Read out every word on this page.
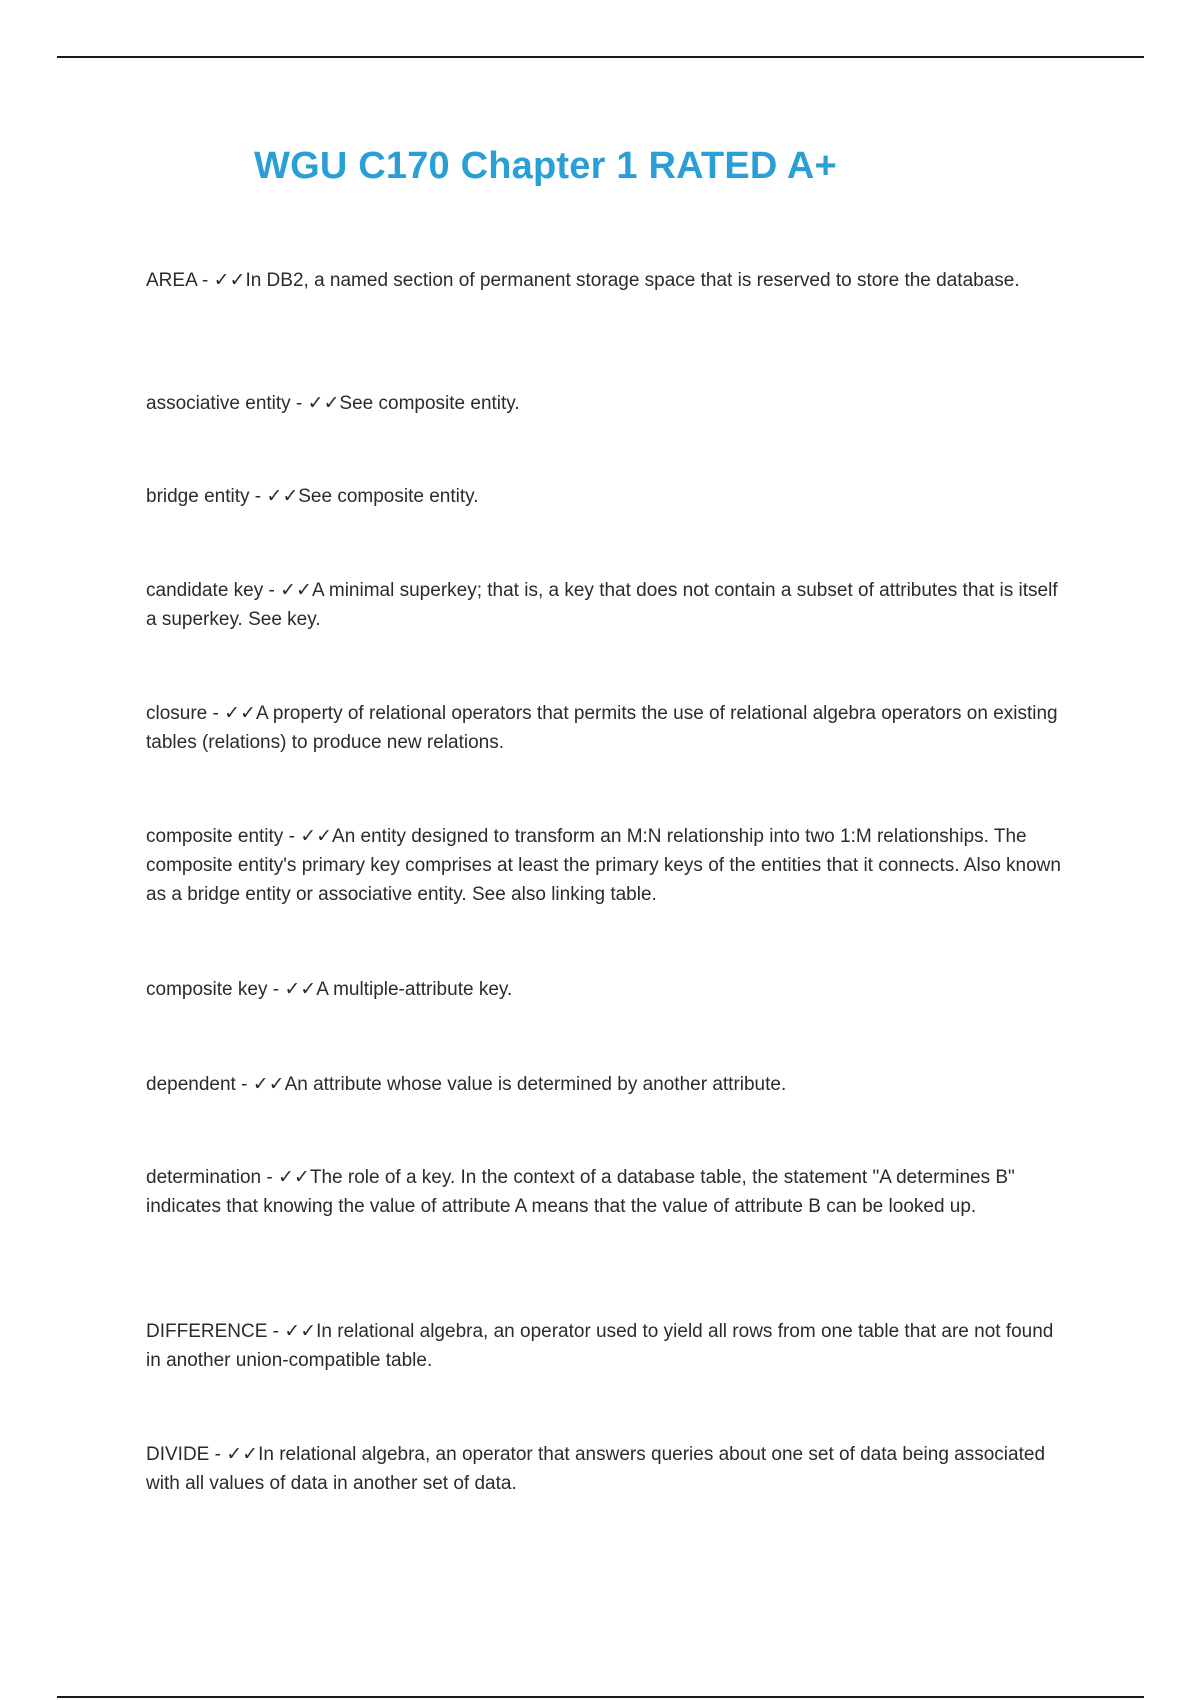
WGU C170 Chapter 1 RATED A+

AREA - ✓✓In DB2, a named section of permanent storage space that is reserved to store the database.

associative entity - ✓✓See composite entity.

bridge entity - ✓✓See composite entity.

candidate key - ✓✓A minimal superkey; that is, a key that does not contain a subset of attributes that is itself a superkey. See key.

closure - ✓✓A property of relational operators that permits the use of relational algebra operators on existing tables (relations) to produce new relations.

composite entity - ✓✓An entity designed to transform an M:N relationship into two 1:M relationships. The composite entity's primary key comprises at least the primary keys of the entities that it connects. Also known as a bridge entity or associative entity. See also linking table.

composite key - ✓✓A multiple-attribute key.

dependent - ✓✓An attribute whose value is determined by another attribute.

determination - ✓✓The role of a key. In the context of a database table, the statement "A determines B" indicates that knowing the value of attribute A means that the value of attribute B can be looked up.

DIFFERENCE - ✓✓In relational algebra, an operator used to yield all rows from one table that are not found in another union-compatible table.

DIVIDE - ✓✓In relational algebra, an operator that answers queries about one set of data being associated with all values of data in another set of data.
